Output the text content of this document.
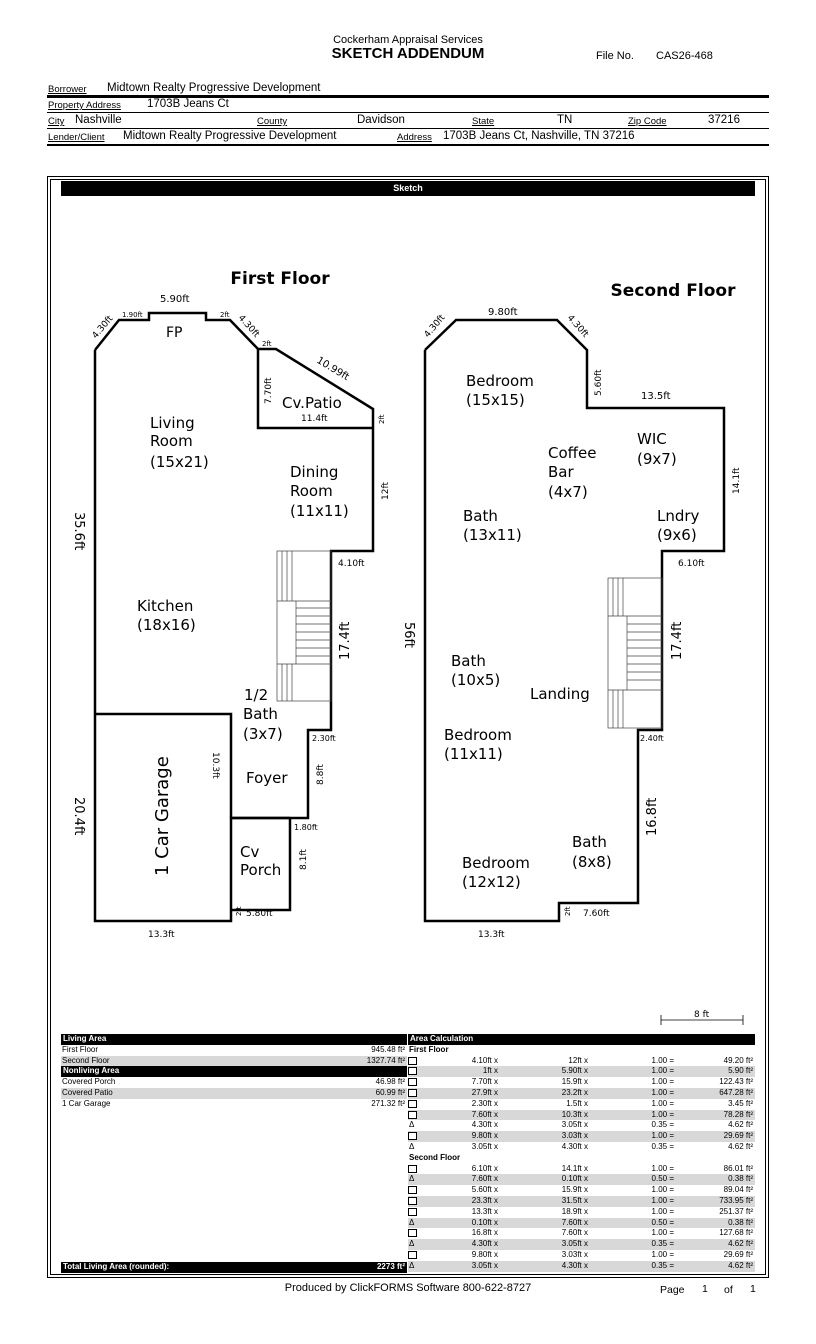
Cockerham Appraisal Services
SKETCH ADDENDUM	File No. CAS26-468
Borrower Midtown Realty Progressive Development
Property Address 1703B Jeans Ct
City Nashville	County	Davidson	State	TN	Zip Code	37216
Lender/Client Midtown Realty Progressive Development	Address 1703B Jeans Ct, Nashville, TN 37216
Sketch
First Floor
Second Floor
Living
Room
(15x21)
Dining
Room
(11x11)
Kitchen
(18x16)
1/2
Bath
(3x7)
Foyer
Cv
Porch
1 Car Garage
FP
Cv.Patio
5.90ft
1.90ft	2ft
4.30ft	4.30ft
2ft
10.99ft
7.70ft
11.4ft	2ft
12ft
4.10ft
17.4ft
35.6ft
2.30ft
8.8ft
10.3ft
20.4ft	1.80ft
8.1ft
2ft 5.80ft
13.3ft
Bedroom
(15x15)
Coffee
Bar
(4x7)
WIC
(9x7)
Bath
(13x11)
Lndry
(9x6)
Bath
(10x5)
Landing
Bedroom
(11x11)
Bath
(8x8)
Bedroom
(12x12)
9.80ft
4.30ft	4.30ft
5.60ft
13.5ft
14.1ft
6.10ft
17.4ft
56ft
2.40ft
16.8ft
2ft 7.60ft
13.3ft
8 ft
Living Area
First Floor	945.48 ft²
Second Floor	1327.74 ft²
Nonliving Area
Covered Porch	46.98 ft²
Covered Patio	60.99 ft²
1 Car Garage	271.32 ft²
Total Living Area (rounded):	2273 ft²
Area Calculation
First Floor
4.10ft x	12ft x	1.00 =	49.20 ft²
1ft x	5.90ft x	1.00 =	5.90 ft²
7.70ft x	15.9ft x	1.00 =	122.43 ft²
27.9ft x	23.2ft x	1.00 =	647.28 ft²
2.30ft x	1.5ft x	1.00 =	3.45 ft²
7.60ft x	10.3ft x	1.00 =	78.28 ft²
Δ	4.30ft x	3.05ft x	0.35 =	4.62 ft²
9.80ft x	3.03ft x	1.00 =	29.69 ft²
Δ	3.05ft x	4.30ft x	0.35 =	4.62 ft²
Second Floor
6.10ft x	14.1ft x	1.00 =	86.01 ft²
Δ	7.60ft x	0.10ft x	0.50 =	0.38 ft²
5.60ft x	15.9ft x	1.00 =	89.04 ft²
23.3ft x	31.5ft x	1.00 =	733.95 ft²
13.3ft x	18.9ft x	1.00 =	251.37 ft²
Δ	0.10ft x	7.60ft x	0.50 =	0.38 ft²
16.8ft x	7.60ft x	1.00 =	127.68 ft²
Δ	4.30ft x	3.05ft x	0.35 =	4.62 ft²
9.80ft x	3.03ft x	1.00 =	29.69 ft²
Δ	3.05ft x	4.30ft x	0.35 =	4.62 ft²
Produced by ClickFORMS Software 800-622-8727	Page 1 of 1
